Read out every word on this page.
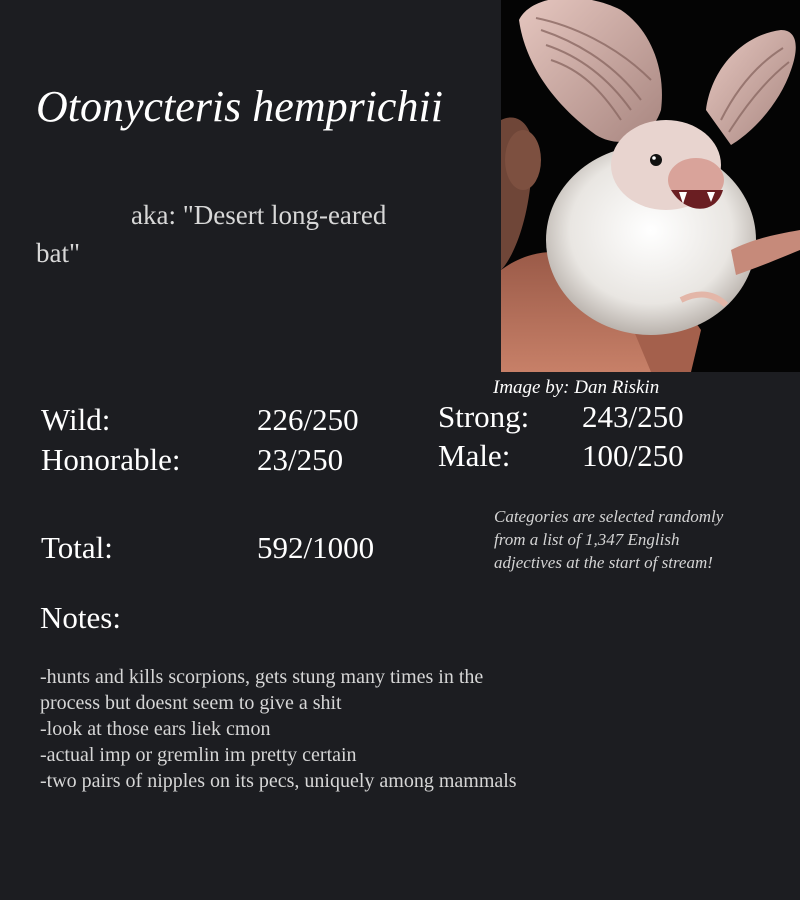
Otonycteris hemprichii
aka: "Desert long-eared bat"
Image by: Dan Riskin
Wild:	226/250
Honorable: 23/250
Strong: 243/250
Male: 100/250
Total:	592/1000
Categories are selected randomly from a list of 1,347 English adjectives at the start of stream!
Notes:
-hunts and kills scorpions, gets stung many times in the process but doesnt seem to give a shit
-look at those ears liek cmon
-actual imp or gremlin im pretty certain
-two pairs of nipples on its pecs, uniquely among mammals
